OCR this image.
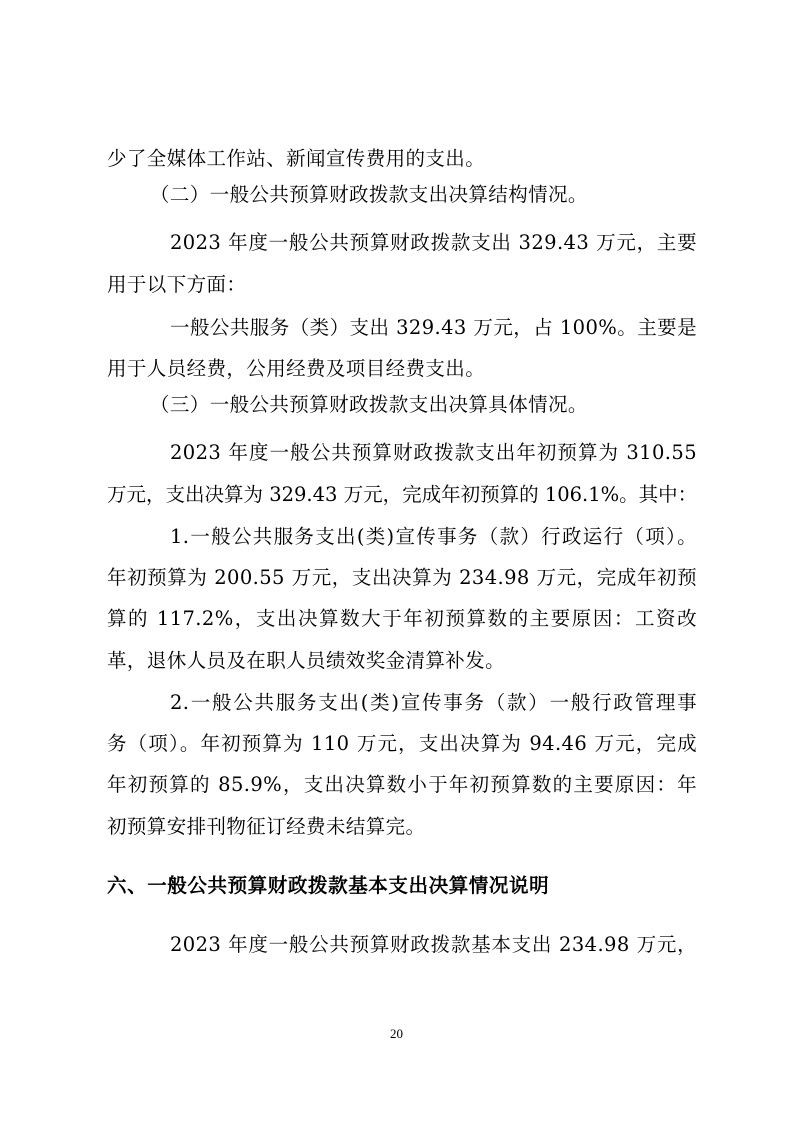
少了全媒体工作站、新闻宣传费用的支出。
（二）一般公共预算财政拨款支出决算结构情况。
2023 年度一般公共预算财政拨款支出 329.43 万元，主要
用于以下方面：
一般公共服务（类）支出 329.43 万元，占 100%。主要是
用于人员经费，公用经费及项目经费支出。
（三）一般公共预算财政拨款支出决算具体情况。
2023 年度一般公共预算财政拨款支出年初预算为 310.55
万元，支出决算为 329.43 万元，完成年初预算的 106.1%。其中：
1.一般公共服务支出(类)宣传事务（款）行政运行（项）。
年初预算为 200.55 万元，支出决算为 234.98 万元，完成年初预
算的 117.2%，支出决算数大于年初预算数的主要原因：工资改
革，退休人员及在职人员绩效奖金清算补发。
2.一般公共服务支出(类)宣传事务（款）一般行政管理事
务（项）。年初预算为 110 万元，支出决算为 94.46 万元，完成
年初预算的 85.9%，支出决算数小于年初预算数的主要原因：年
初预算安排刊物征订经费未结算完。
六、一般公共预算财政拨款基本支出决算情况说明
2023 年度一般公共预算财政拨款基本支出 234.98 万元，
20
